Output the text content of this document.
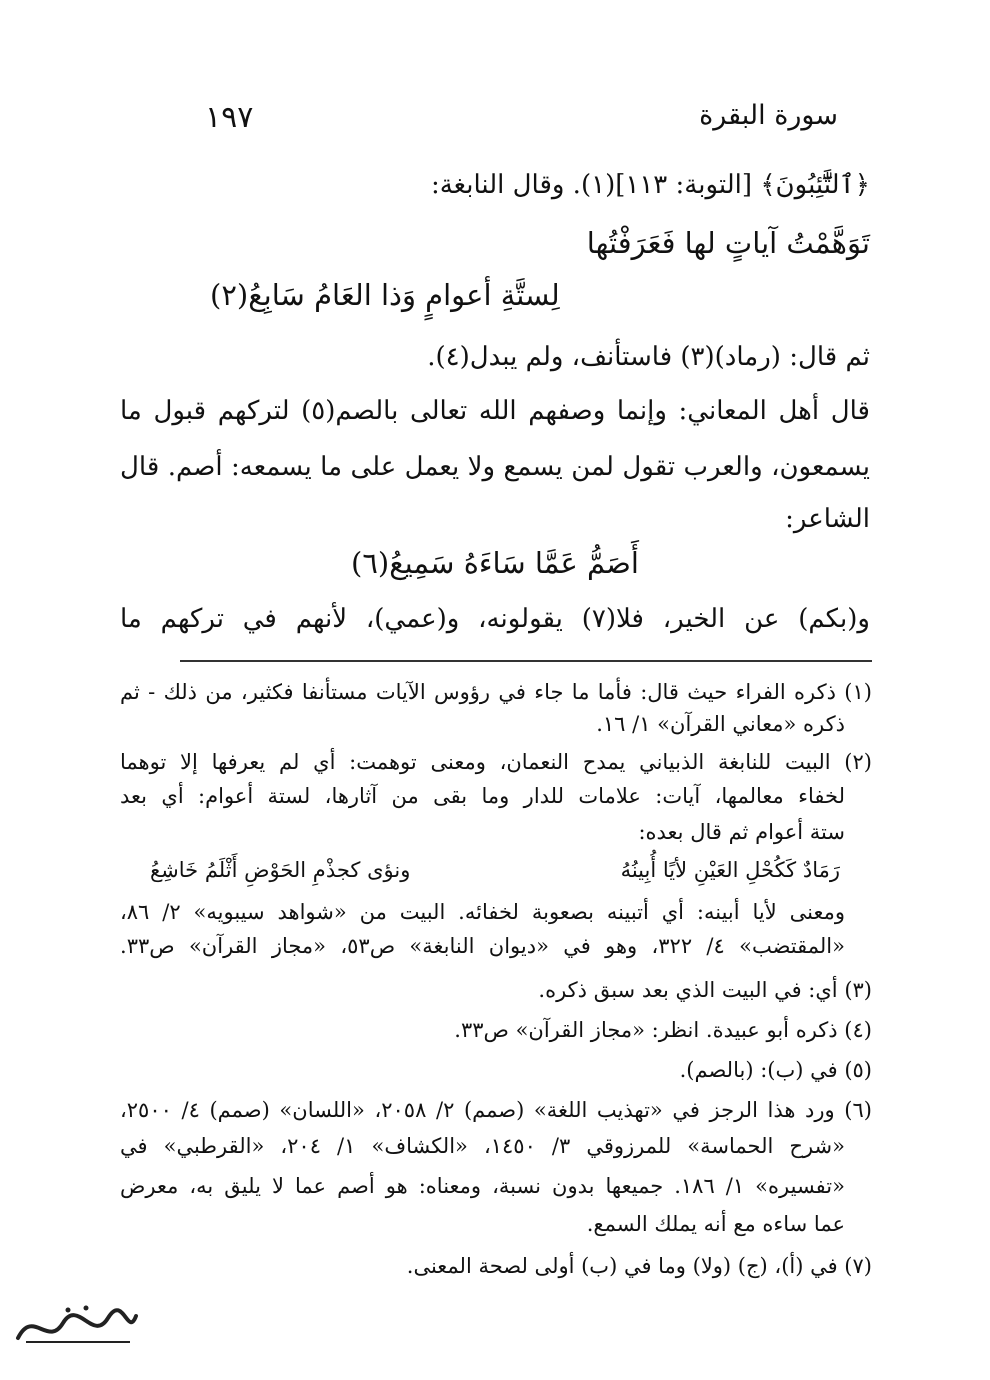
سورة البقرة
١٩٧
﴿ٱلتَّٰٓئِبُونَ﴾ [التوبة: ١١٣](١). وقال النابغة:
تَوَهَّمْتُ آياتٍ لها فَعَرَفْتُها
لِستَّةِ أعوامٍ وَذا العَامُ سَابِعُ(٢)
ثم قال: (رماد)(٣) فاستأنف، ولم يبدل(٤).
قال أهل المعاني: وإنما وصفهم الله تعالى بالصم(٥) لتركهم قبول ما
يسمعون، والعرب تقول لمن يسمع ولا يعمل على ما يسمعه: أصم. قال
الشاعر:
أَصَمُّ عَمَّا سَاءَهُ سَمِيعُ(٦)
و(بكم) عن الخير، فلا(٧) يقولونه، و(عمي)، لأنهم في تركهم ما
(١) ذكره الفراء حيث قال: فأما ما جاء في رؤوس الآيات مستأنفا فكثير، من ذلك - ثم
ذكره «معاني القرآن» ١/ ١٦.
(٢) البيت للنابغة الذبياني يمدح النعمان، ومعنى توهمت: أي لم يعرفها إلا توهما
لخفاء معالمها، آيات: علامات للدار وما بقى من آثارها، لستة أعوام: أي بعد
ستة أعوام ثم قال بعده:
رَمَادٌ كَكُحْلِ العَيْنِ لأيًا أُبِينُهُ
ونؤى كجذْمِ الحَوْضِ أَثْلَمُ خَاشِعُ
ومعنى لأيا أبينه: أي أتبينه بصعوبة لخفائه. البيت من «شواهد سيبويه» ٢/ ٨٦،
«المقتضب» ٤/ ٣٢٢، وهو في «ديوان النابغة» ص٥٣، «مجاز القرآن» ص٣٣.
(٣) أي: في البيت الذي بعد سبق ذكره.
(٤) ذكره أبو عبيدة. انظر: «مجاز القرآن» ص٣٣.
(٥) في (ب): (بالصم).
(٦) ورد هذا الرجز في «تهذيب اللغة» (صمم) ٢/ ٢٠٥٨، «اللسان» (صمم) ٤/ ٢٥٠٠،
«شرح الحماسة» للمرزوقي ٣/ ١٤٥٠، «الكشاف» ١/ ٢٠٤، «القرطبي» في
«تفسيره» ١/ ١٨٦. جميعها بدون نسبة، ومعناه: هو أصم عما لا يليق به، معرض
عما ساءه مع أنه يملك السمع.
(٧) في (أ)، (ج) (ولا) وما في (ب) أولى لصحة المعنى.
